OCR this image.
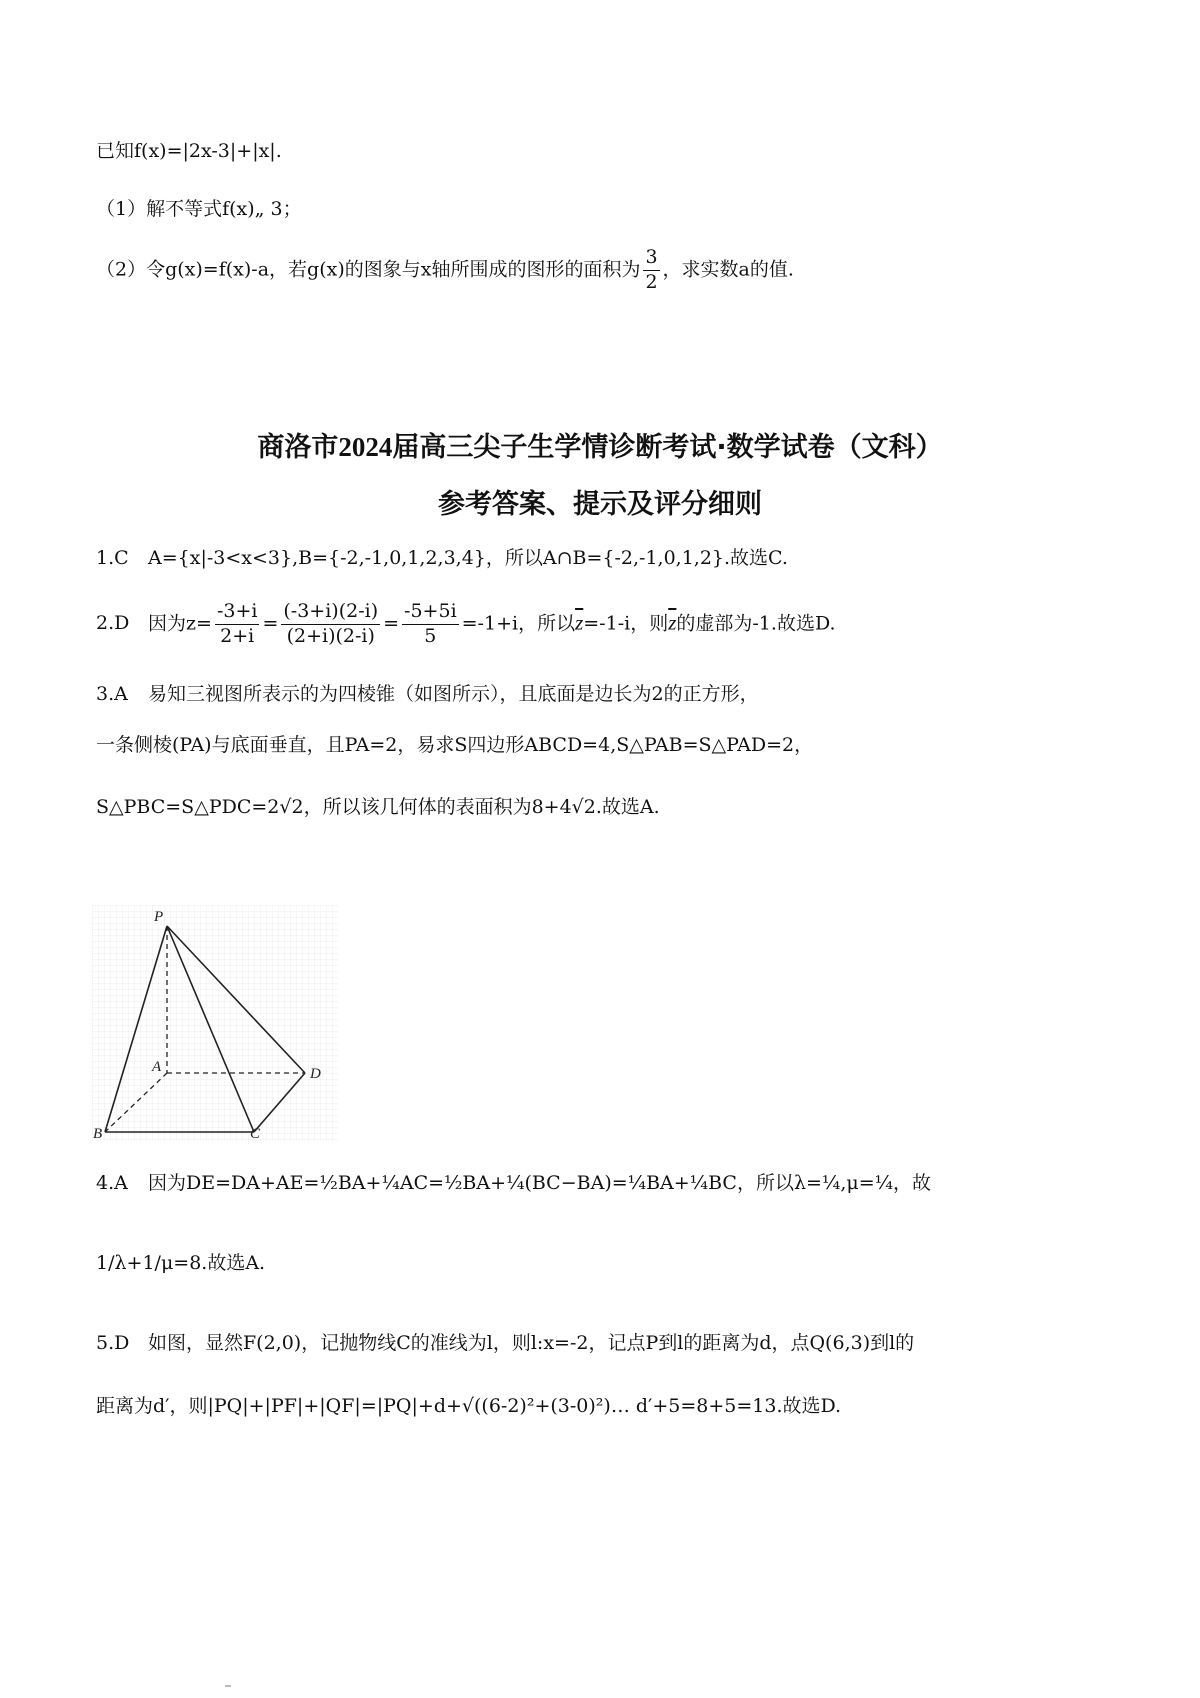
已知f(x)=|2x-3|+|x|.
（1）解不等式f(x)„ 3；
（2）令g(x)=f(x)-a，若g(x)的图象与x轴所围成的图形的面积为 $\frac{3}{2}$ ，求实数a的值.
商洛市2024届高三尖子生学情诊断考试·数学试卷（文科）
参考答案、提示及评分细则
1.C A={x|-3<x<3},B={-2,-1,0,1,2,3,4}，所以A∩B={-2,-1,0,1,2}.故选C.
2.D 因为$z= \frac{-3+i}{2+i} = \frac{(-3+i)(2-i)}{(2+i)(2-i)} = \frac{-5+5i}{5} =-1+i$，所以$\overline{z}=-1-i$，则$\overline{z}$的虚部为-1.故选D.
3.A 易知三视图所表示的为四棱锥（如图所示），且底面是边长为2的正方形，
一条侧棱(PA)与底面垂直，且PA=2，易求S四边形ABCD=4,S△PAB=S△PAD=2，
S△PBC=S△PDC=2√2，所以该几何体的表面积为8+4√2.故选A.
P
A
B	C
D
4.A 因为DE=DA+AE=½BA+¼AC=½BA+¼(BC−BA)=¼BA+¼BC，所以λ=¼,μ=¼，故
1/λ+1/μ=8.故选A.
5.D 如图，显然F(2,0)，记抛物线C的准线为l，则l:x=-2，记点P到l的距离为d，点Q(6,3)到l的
距离为d′，则|PQ|+|PF|+|QF|=|PQ|+d+√((6-2)²+(3-0)²)… d′+5=8+5=13.故选D.
